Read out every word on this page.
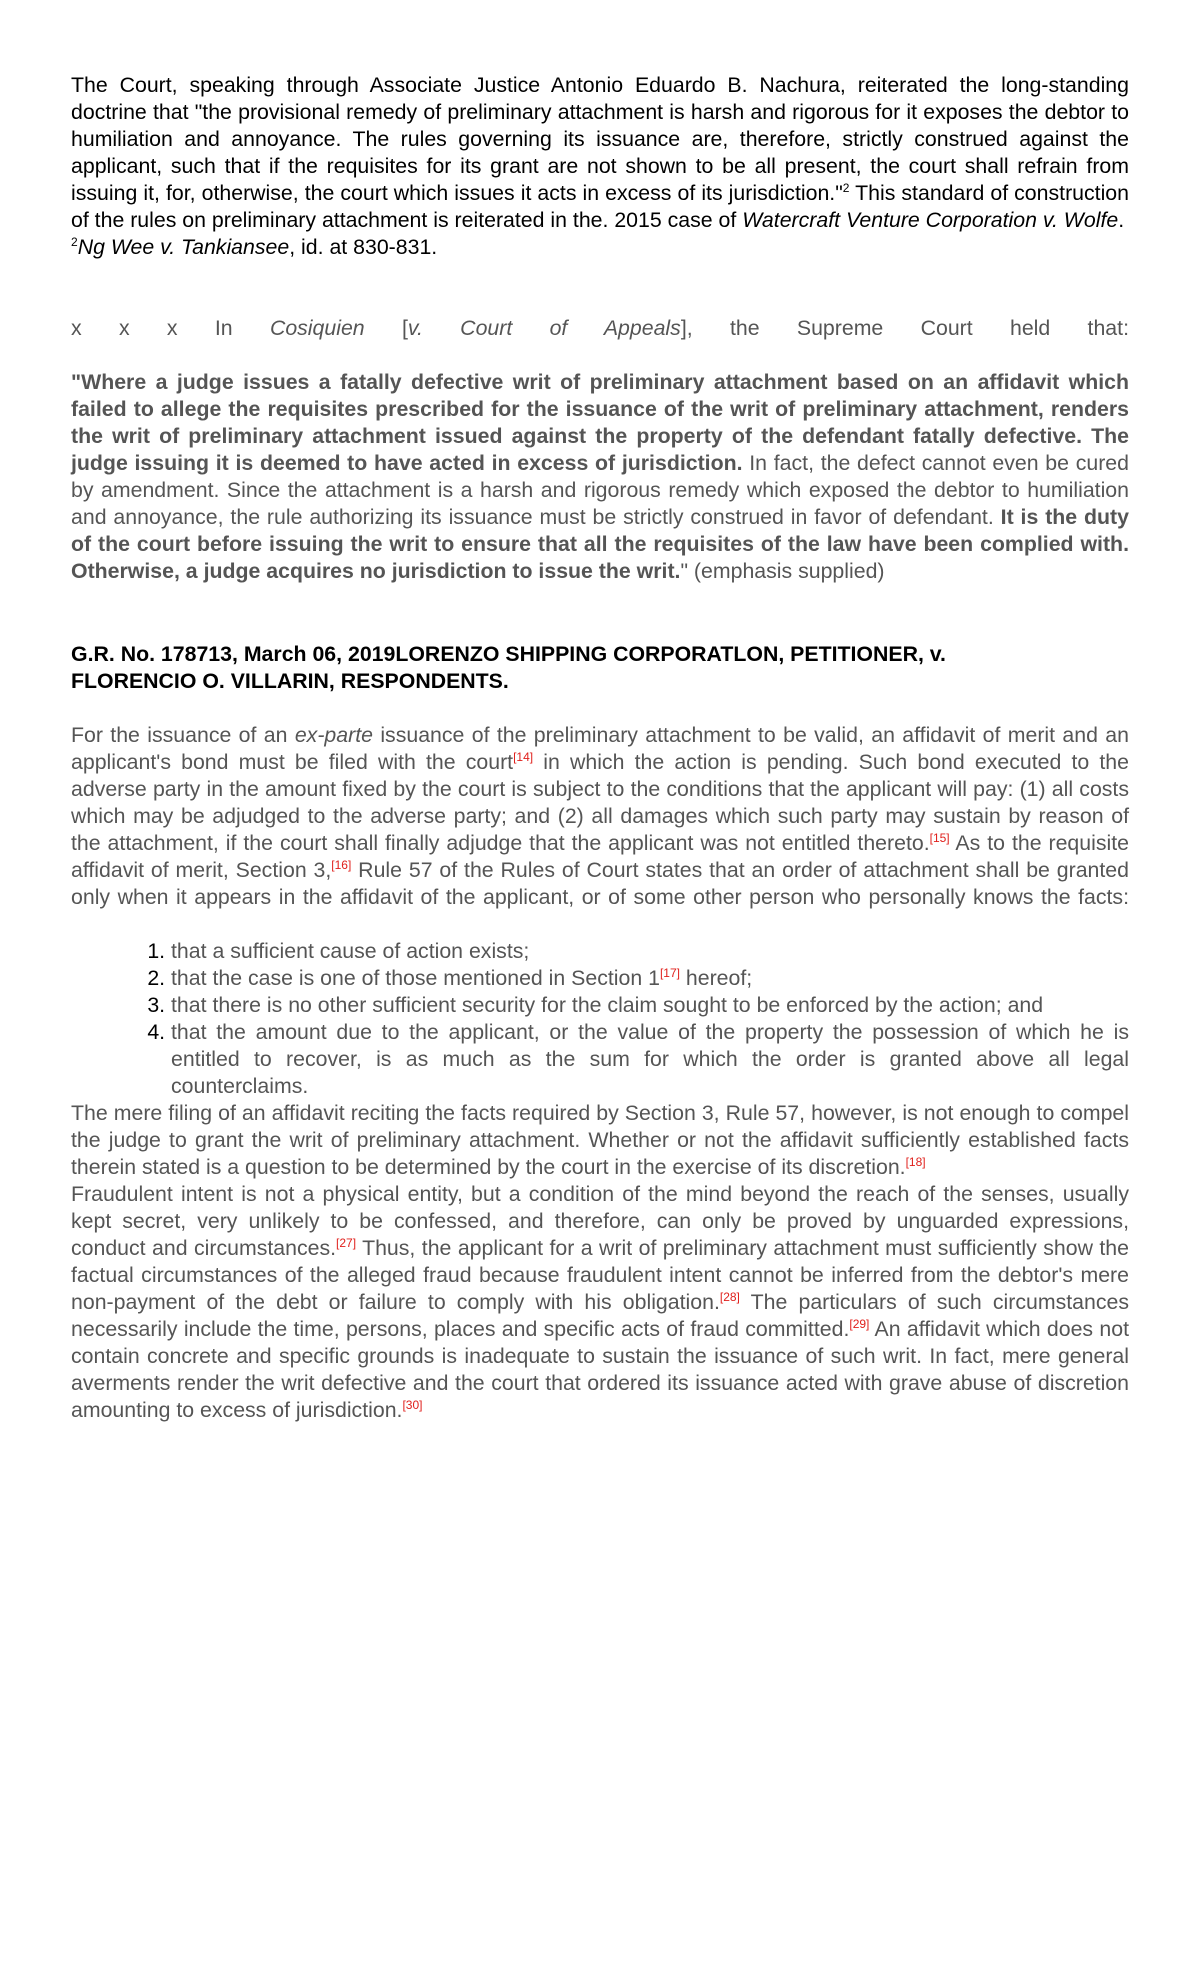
The Court, speaking through Associate Justice Antonio Eduardo B. Nachura, reiterated the long-standing doctrine that "the provisional remedy of preliminary attachment is harsh and rigorous for it exposes the debtor to humiliation and annoyance. The rules governing its issuance are, therefore, strictly construed against the applicant, such that if the requisites for its grant are not shown to be all present, the court shall refrain from issuing it, for, otherwise, the court which issues it acts in excess of its jurisdiction."$^2$ This standard of construction of the rules on preliminary attachment is reiterated in the. 2015 case of Watercraft Venture Corporation v. Wolfe.

$^2$Ng Wee v. Tankiansee, id. at 830-831.

x x x In Cosiquien [v. Court of Appeals], the Supreme Court held that:

"Where a judge issues a fatally defective writ of preliminary attachment based on an affidavit which failed to allege the requisites prescribed for the issuance of the writ of preliminary attachment, renders the writ of preliminary attachment issued against the property of the defendant fatally defective. The judge issuing it is deemed to have acted in excess of jurisdiction. In fact, the defect cannot even be cured by amendment. Since the attachment is a harsh and rigorous remedy which exposed the debtor to humiliation and annoyance, the rule authorizing its issuance must be strictly construed in favor of defendant. It is the duty of the court before issuing the writ to ensure that all the requisites of the law have been complied with. Otherwise, a judge acquires no jurisdiction to issue the writ." (emphasis supplied)

G.R. No. 178713, March 06, 2019LORENZO SHIPPING CORPORATLON, PETITIONER, v.
FLORENCIO O. VILLARIN, RESPONDENTS.

For the issuance of an ex-parte issuance of the preliminary attachment to be valid, an affidavit of merit and an applicant's bond must be filed with the court[14] in which the action is pending. Such bond executed to the adverse party in the amount fixed by the court is subject to the conditions that the applicant will pay: (1) all costs which may be adjudged to the adverse party; and (2) all damages which such party may sustain by reason of the attachment, if the court shall finally adjudge that the applicant was not entitled thereto.[15] As to the requisite affidavit of merit, Section 3,[16] Rule 57 of the Rules of Court states that an order of attachment shall be granted only when it appears in the affidavit of the applicant, or of some other person who personally knows the facts:

1. that a sufficient cause of action exists;
2. that the case is one of those mentioned in Section 1[17] hereof;
3. that there is no other sufficient security for the claim sought to be enforced by the action; and
4. that the amount due to the applicant, or the value of the property the possession of which he is entitled to recover, is as much as the sum for which the order is granted above all legal counterclaims.

The mere filing of an affidavit reciting the facts required by Section 3, Rule 57, however, is not enough to compel the judge to grant the writ of preliminary attachment. Whether or not the affidavit sufficiently established facts therein stated is a question to be determined by the court in the exercise of its discretion.[18]

Fraudulent intent is not a physical entity, but a condition of the mind beyond the reach of the senses, usually kept secret, very unlikely to be confessed, and therefore, can only be proved by unguarded expressions, conduct and circumstances.[27] Thus, the applicant for a writ of preliminary attachment must sufficiently show the factual circumstances of the alleged fraud because fraudulent intent cannot be inferred from the debtor's mere non-payment of the debt or failure to comply with his obligation.[28] The particulars of such circumstances necessarily include the time, persons, places and specific acts of fraud committed.[29] An affidavit which does not contain concrete and specific grounds is inadequate to sustain the issuance of such writ. In fact, mere general averments render the writ defective and the court that ordered its issuance acted with grave abuse of discretion amounting to excess of jurisdiction.[30]
